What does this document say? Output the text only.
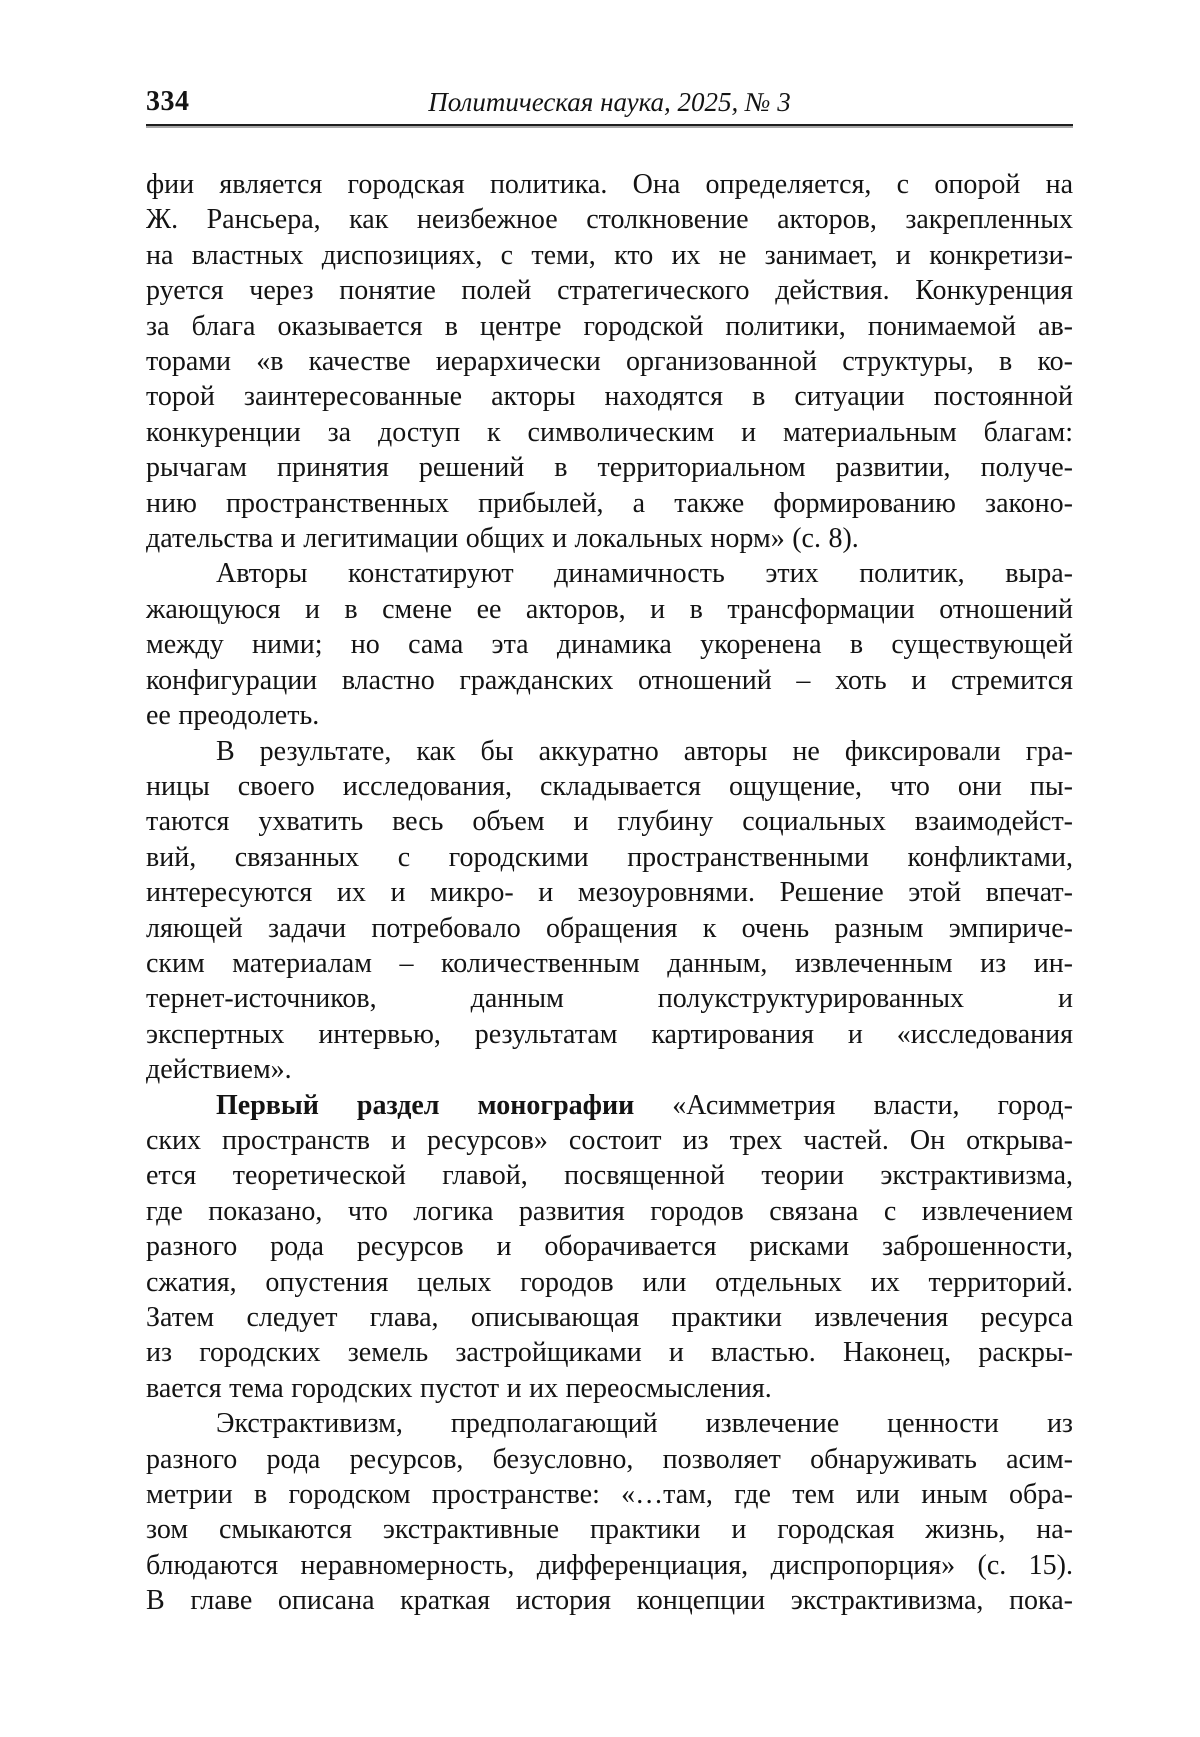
334	Политическая наука, 2025, № 3
фии является городская политика. Она определяется, с опорой на
Ж. Рансьера, как неизбежное столкновение акторов, закрепленных
на властных диспозициях, с теми, кто их не занимает, и конкретизи-
руется через понятие полей стратегического действия. Конкуренция
за блага оказывается в центре городской политики, понимаемой ав-
торами «в качестве иерархически организованной структуры, в ко-
торой заинтересованные акторы находятся в ситуации постоянной
конкуренции за доступ к символическим и материальным благам:
рычагам принятия решений в территориальном развитии, получе-
нию пространственных прибылей, а также формированию законо-
дательства и легитимации общих и локальных норм» (с. 8).
Авторы констатируют динамичность этих политик, выра-
жающуюся и в смене ее акторов, и в трансформации отношений
между ними; но сама эта динамика укоренена в существующей
конфигурации властно гражданских отношений – хоть и стремится
ее преодолеть.
В результате, как бы аккуратно авторы не фиксировали гра-
ницы своего исследования, складывается ощущение, что они пы-
таются ухватить весь объем и глубину социальных взаимодейст-
вий, связанных с городскими пространственными конфликтами,
интересуются их и микро- и мезоуровнями. Решение этой впечат-
ляющей задачи потребовало обращения к очень разным эмпириче-
ским материалам – количественным данным, извлеченным из ин-
тернет-источников, данным полукструктурированных и
экспертных интервью, результатам картирования и «исследования
действием».
Первый раздел монографии «Асимметрия власти, город-
ских пространств и ресурсов» состоит из трех частей. Он открыва-
ется теоретической главой, посвященной теории экстрактивизма,
где показано, что логика развития городов связана с извлечением
разного рода ресурсов и оборачивается рисками заброшенности,
сжатия, опустения целых городов или отдельных их территорий.
Затем следует глава, описывающая практики извлечения ресурса
из городских земель застройщиками и властью. Наконец, раскры-
вается тема городских пустот и их переосмысления.
Экстрактивизм, предполагающий извлечение ценности из
разного рода ресурсов, безусловно, позволяет обнаруживать асим-
метрии в городском пространстве: «…там, где тем или иным обра-
зом смыкаются экстрактивные практики и городская жизнь, на-
блюдаются неравномерность, дифференциация, диспропорция» (с. 15).
В главе описана краткая история концепции экстрактивизма, пока-
